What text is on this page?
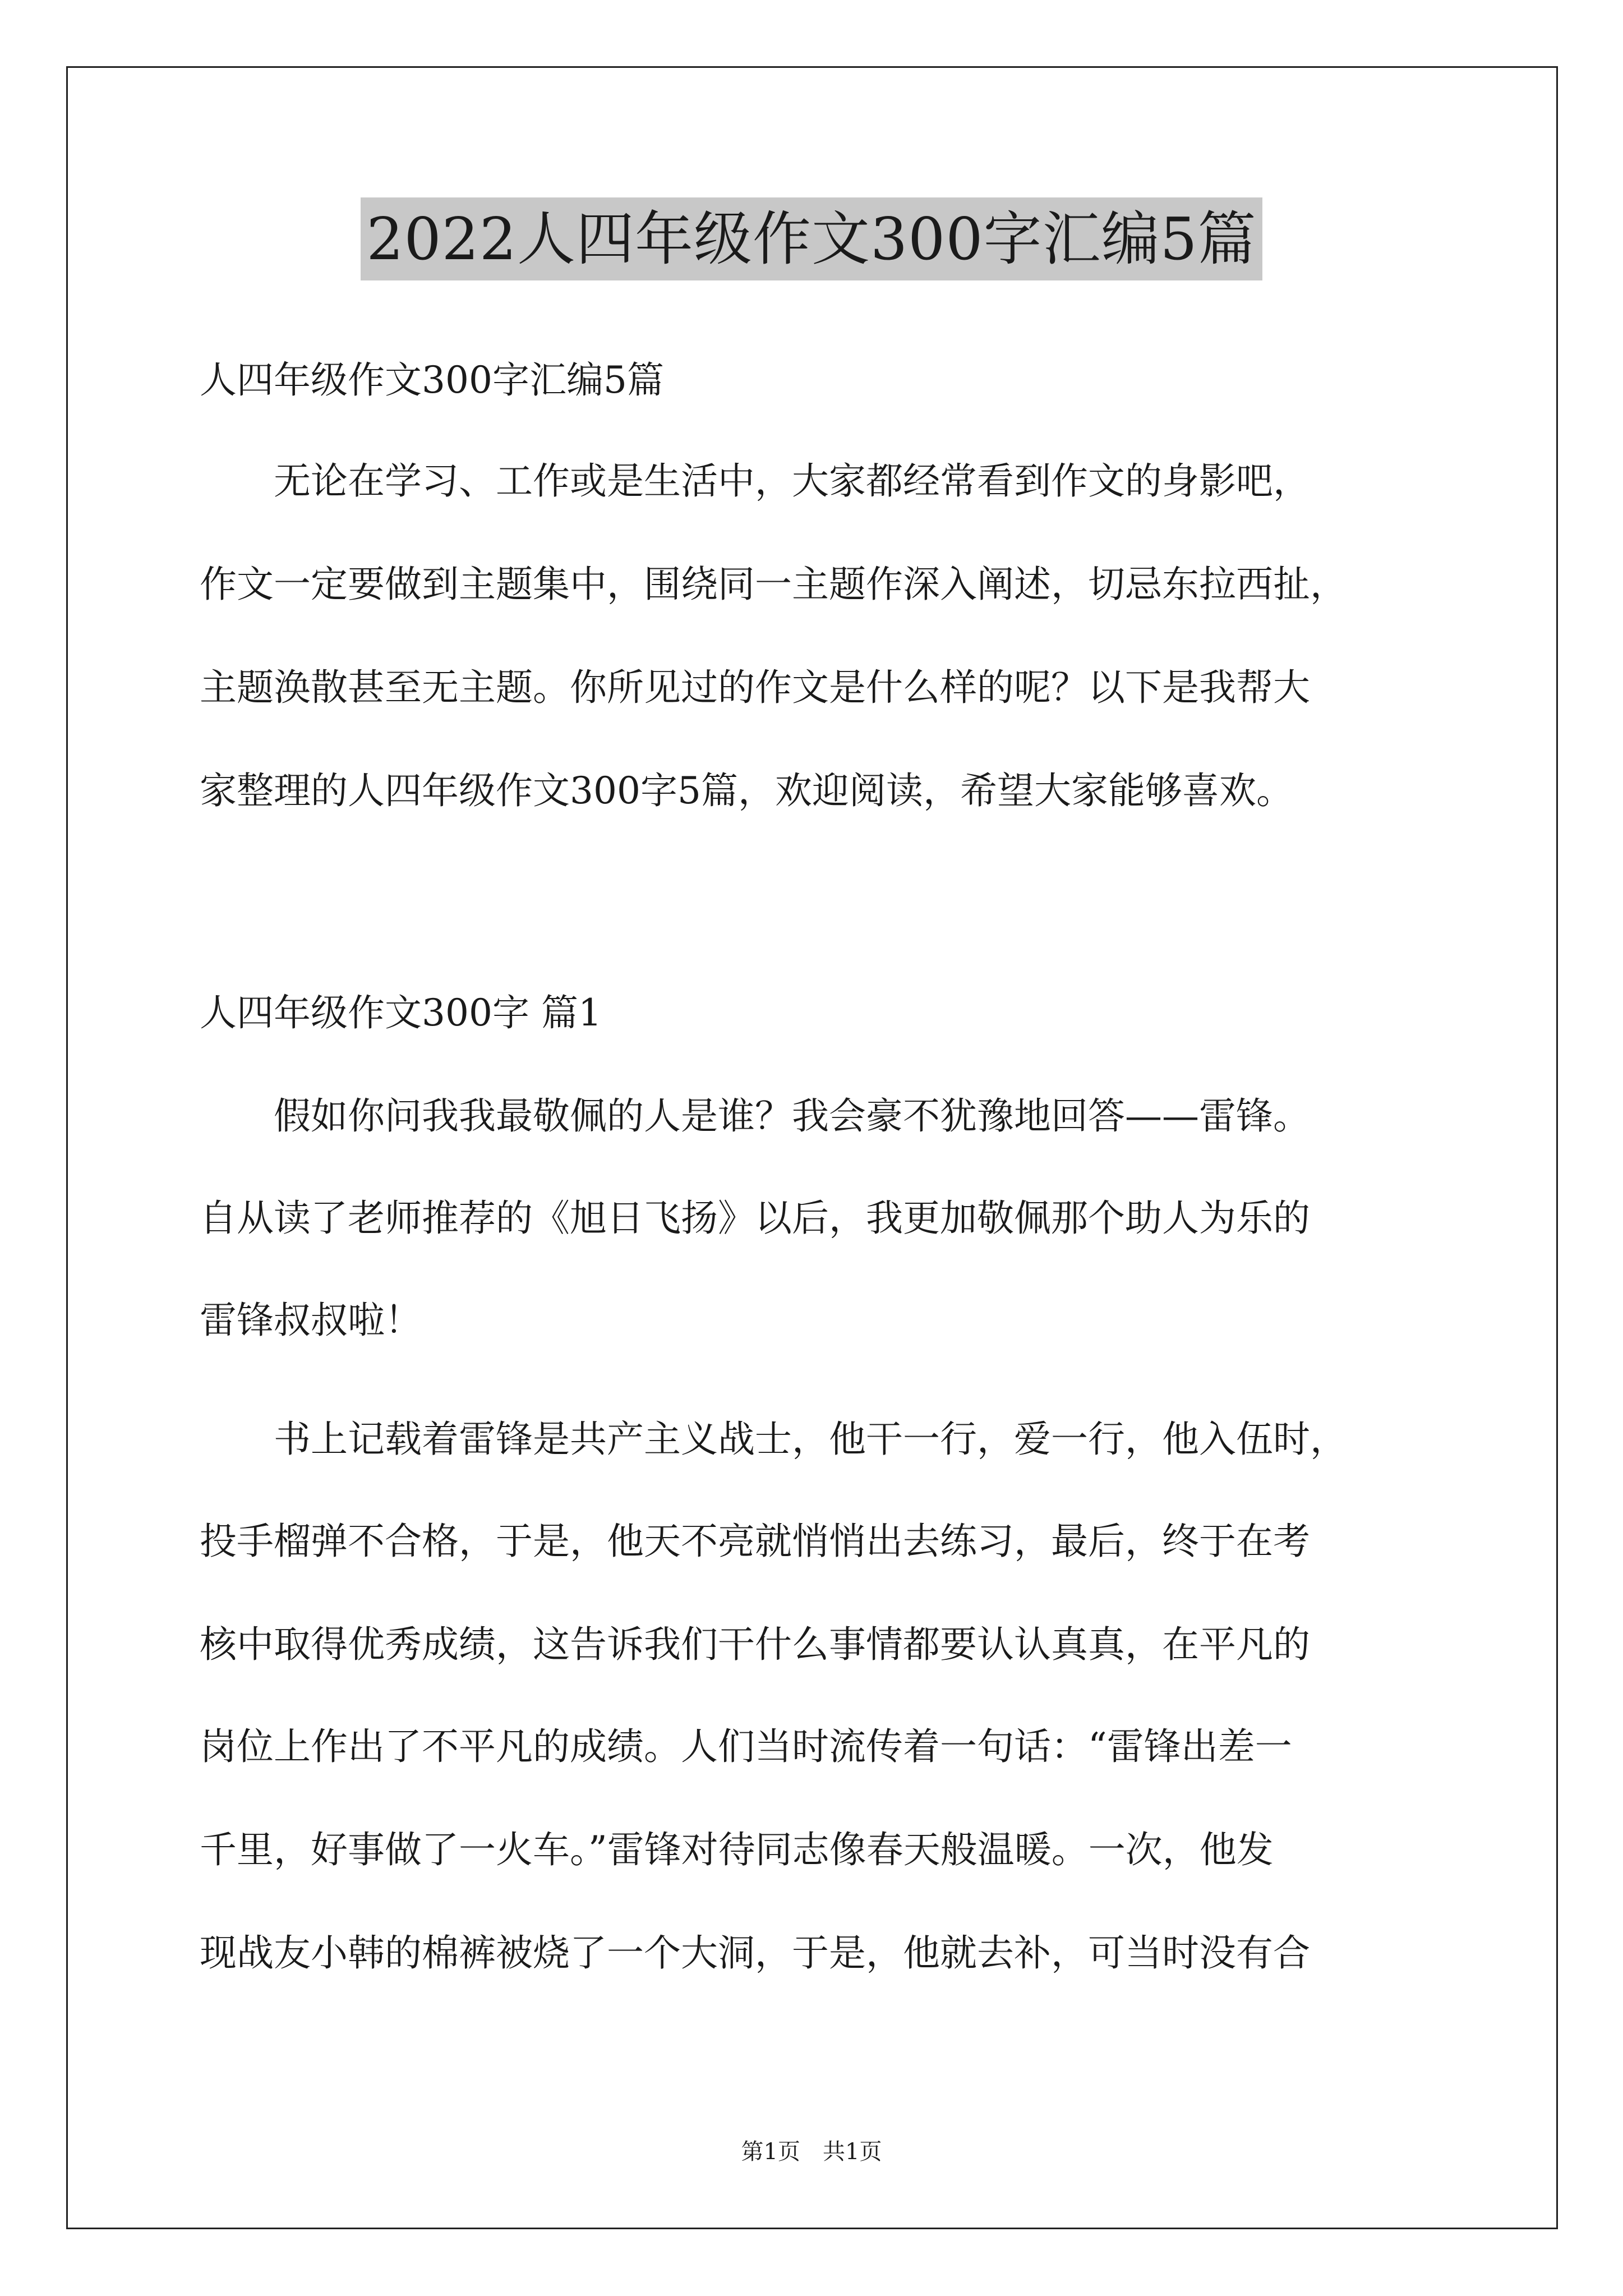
2022人四年级作文300字汇编5篇

人四年级作文300字汇编5篇

　　无论在学习、工作或是生活中，大家都经常看到作文的身影吧，

作文一定要做到主题集中，围绕同一主题作深入阐述，切忌东拉西扯，

主题涣散甚至无主题。你所见过的作文是什么样的呢？以下是我帮大

家整理的人四年级作文300字5篇，欢迎阅读，希望大家能够喜欢。

人四年级作文300字 篇1

　　假如你问我我最敬佩的人是谁？我会豪不犹豫地回答——雷锋。

自从读了老师推荐的《旭日飞扬》以后，我更加敬佩那个助人为乐的

雷锋叔叔啦！

　　书上记载着雷锋是共产主义战士，他干一行，爱一行，他入伍时，

投手榴弹不合格，于是，他天不亮就悄悄出去练习，最后，终于在考

核中取得优秀成绩，这告诉我们干什么事情都要认认真真，在平凡的

岗位上作出了不平凡的成绩。人们当时流传着一句话：“雷锋出差一

千里，好事做了一火车。”雷锋对待同志像春天般温暖。一次，他发

现战友小韩的棉裤被烧了一个大洞，于是，他就去补，可当时没有合

第1页　共1页
